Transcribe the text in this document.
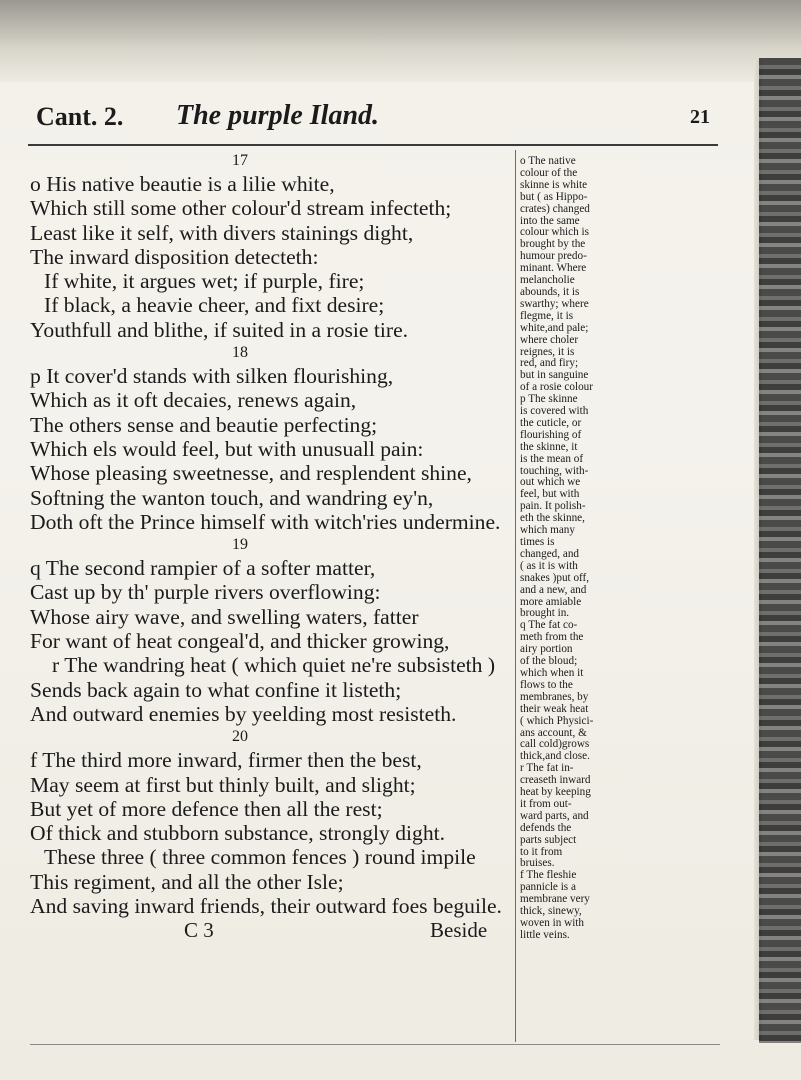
Cant. 2. The purple Iland.	21
17
o His native beautie is a lilie white,
Which still some other colour'd stream infecteth;
Least like it self, with divers stainings dight,
The inward disposition detecteth:
If white, it argues wet; if purple, fire;
If black, a heavie cheer, and fixt desire;
Youthfull and blithe, if suited in a rosie tire.
18
p It cover'd stands with silken flourishing,
Which as it oft decaies, renews again,
The others sense and beautie perfecting;
Which els would feel, but with unusuall pain:
Whose pleasing sweetnesse, and resplendent shine,
Softning the wanton touch, and wandring ey'n,
Doth oft the Prince himself with witch'ries undermine.
19
q The second rampier of a softer matter,
Cast up by th' purple rivers overflowing:
Whose airy wave, and swelling waters, fatter
For want of heat congeal'd, and thicker growing,
r The wandring heat ( which quiet ne're subsisteth )
Sends back again to what confine it listeth;
And outward enemies by yeelding most resisteth.
20
f The third more inward, firmer then the best,
May seem at first but thinly built, and slight;
But yet of more defence then all the rest;
Of thick and stubborn substance, strongly dight.
These three ( three common fences ) round impile
This regiment, and all the other Isle;
And saving inward friends, their outward foes beguile.
C 3	Beside
o The native
colour of the
skinne is white
but ( as Hippo-
crates) changed
into the same
colour which is
brought by the
humour predo-
minant. Where
melancholie
abounds, it is
swarthy; where
flegme, it is
white,and pale;
where choler
reignes, it is
red, and firy;
but in sanguine
of a rosie colour
p The skinne
is covered with
the cuticle, or
flourishing of
the skinne, it
is the mean of
touching, with-
out which we
feel, but with
pain. It polish-
eth the skinne,
which many
times is
changed, and
( as it is with
snakes )put off,
and a new, and
more amiable
brought in.
q The fat co-
meth from the
airy portion
of the bloud;
which when it
flows to the
membranes, by
their weak heat
( which Physici-
ans account, &
call cold)grows
thick,and close.
r The fat in-
creaseth inward
heat by keeping
it from out-
ward parts, and
defends the
parts subject
to it from
bruises.
f The fleshie
pannicle is a
membrane very
thick, sinewy,
woven in with
little veins.
